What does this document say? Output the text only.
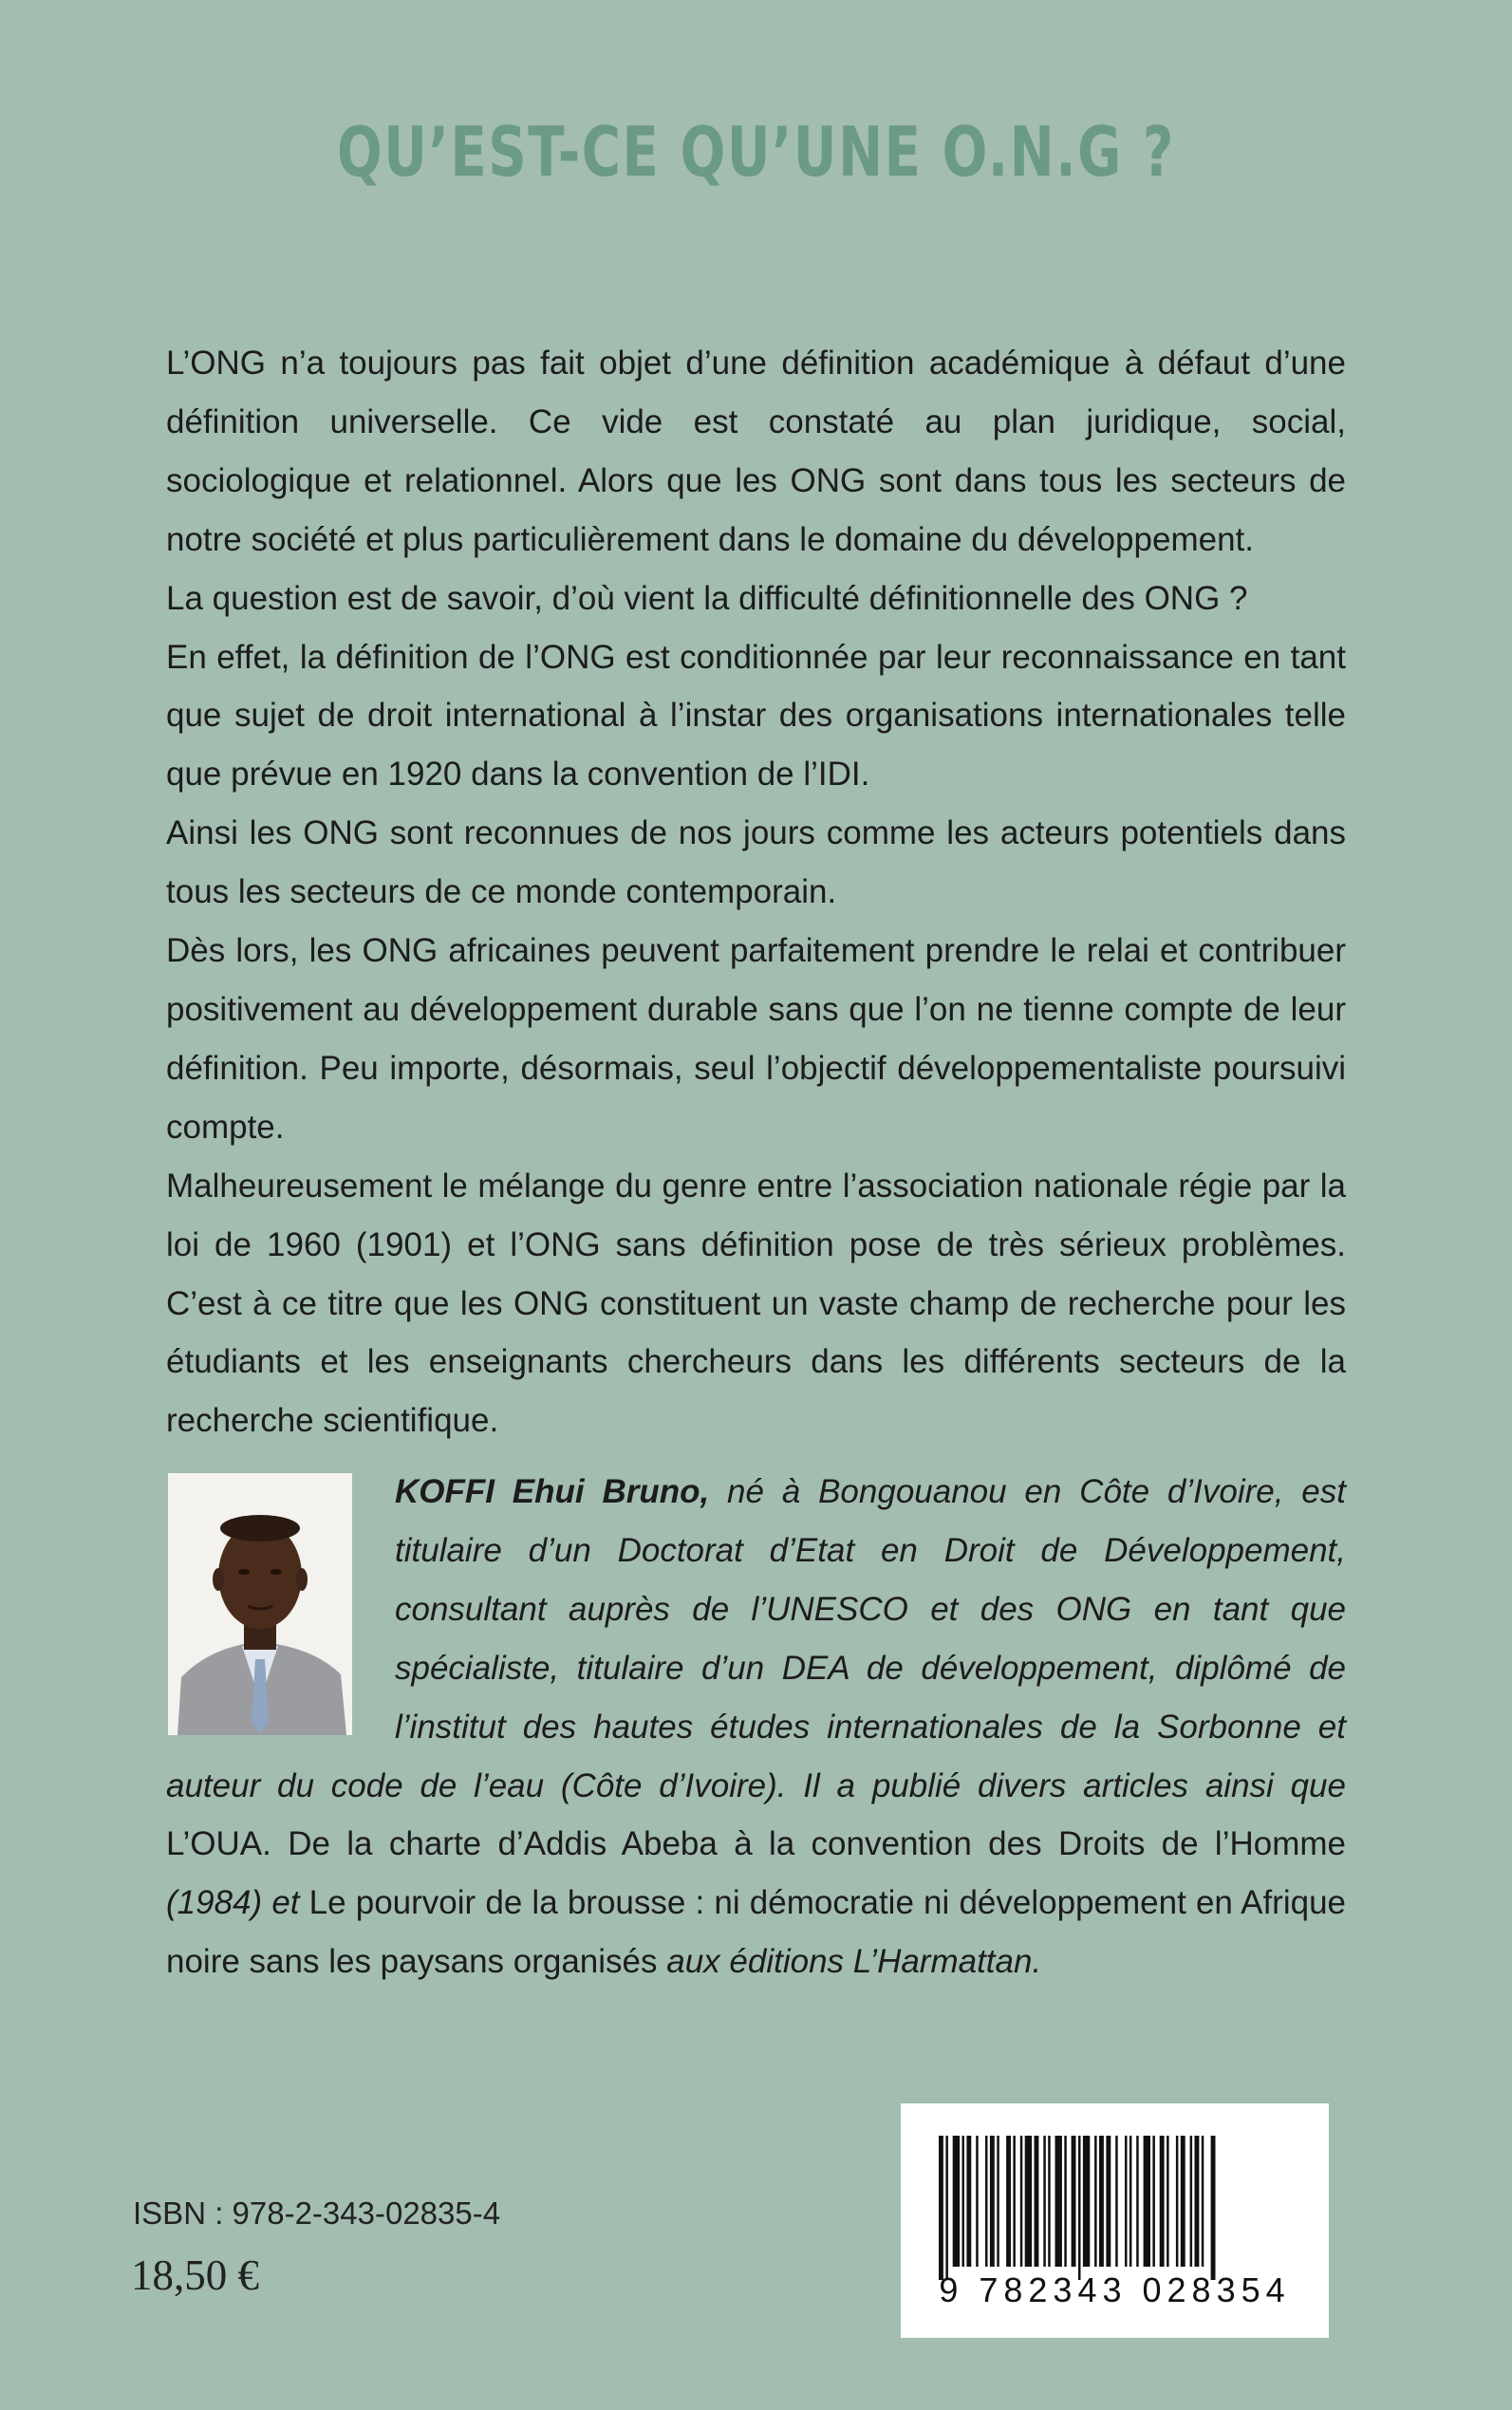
QU’EST-CE QU’UNE O.N.G ?

L’ONG n’a toujours pas fait objet d’une définition académique à défaut d’une définition universelle. Ce vide est constaté au plan juridique, social, sociologique et relationnel. Alors que les ONG sont dans tous les secteurs de notre société et plus particulièrement dans le domaine du développement.

La question est de savoir, d’où vient la difficulté définitionnelle des ONG ?

En effet, la définition de l’ONG est conditionnée par leur reconnaissance en tant que sujet de droit international à l’instar des organisations internationales telle que prévue en 1920 dans la convention de l’IDI.

Ainsi les ONG sont reconnues de nos jours comme les acteurs potentiels dans tous les secteurs de ce monde contemporain.

Dès lors, les ONG africaines peuvent parfaitement prendre le relai et contribuer positivement au développement durable sans que l’on ne tienne compte de leur définition. Peu importe, désormais, seul l’objectif développementaliste poursuivi compte.

Malheureusement le mélange du genre entre l’association nationale régie par la loi de 1960 (1901) et l’ONG sans définition pose de très sérieux problèmes. C’est à ce titre que les ONG constituent un vaste champ de recherche pour les étudiants et les enseignants chercheurs dans les différents secteurs de la recherche scientifique.

KOFFI Ehui Bruno,
né à Bongouanou en Côte d’Ivoire, est titulaire d’un Doctorat d’Etat en Droit de Développement, consultant auprès de l’UNESCO et des ONG en tant que spécialiste, titulaire d’un DEA de développement, diplômé de l’institut des hautes études internationales de la Sorbonne et auteur du code de l’eau (Côte d’Ivoire). Il a publié divers articles ainsi que L’OUA. De la charte d’Addis Abeba à la convention des Droits de l’Homme (1984) et Le pourvoir de la brousse : ni démocratie ni développement en Afrique noire sans les paysans organisés aux éditions L’Harmattan.
ISBN : 978-2-343-02835-4
18,50 €	9 782343 028354
